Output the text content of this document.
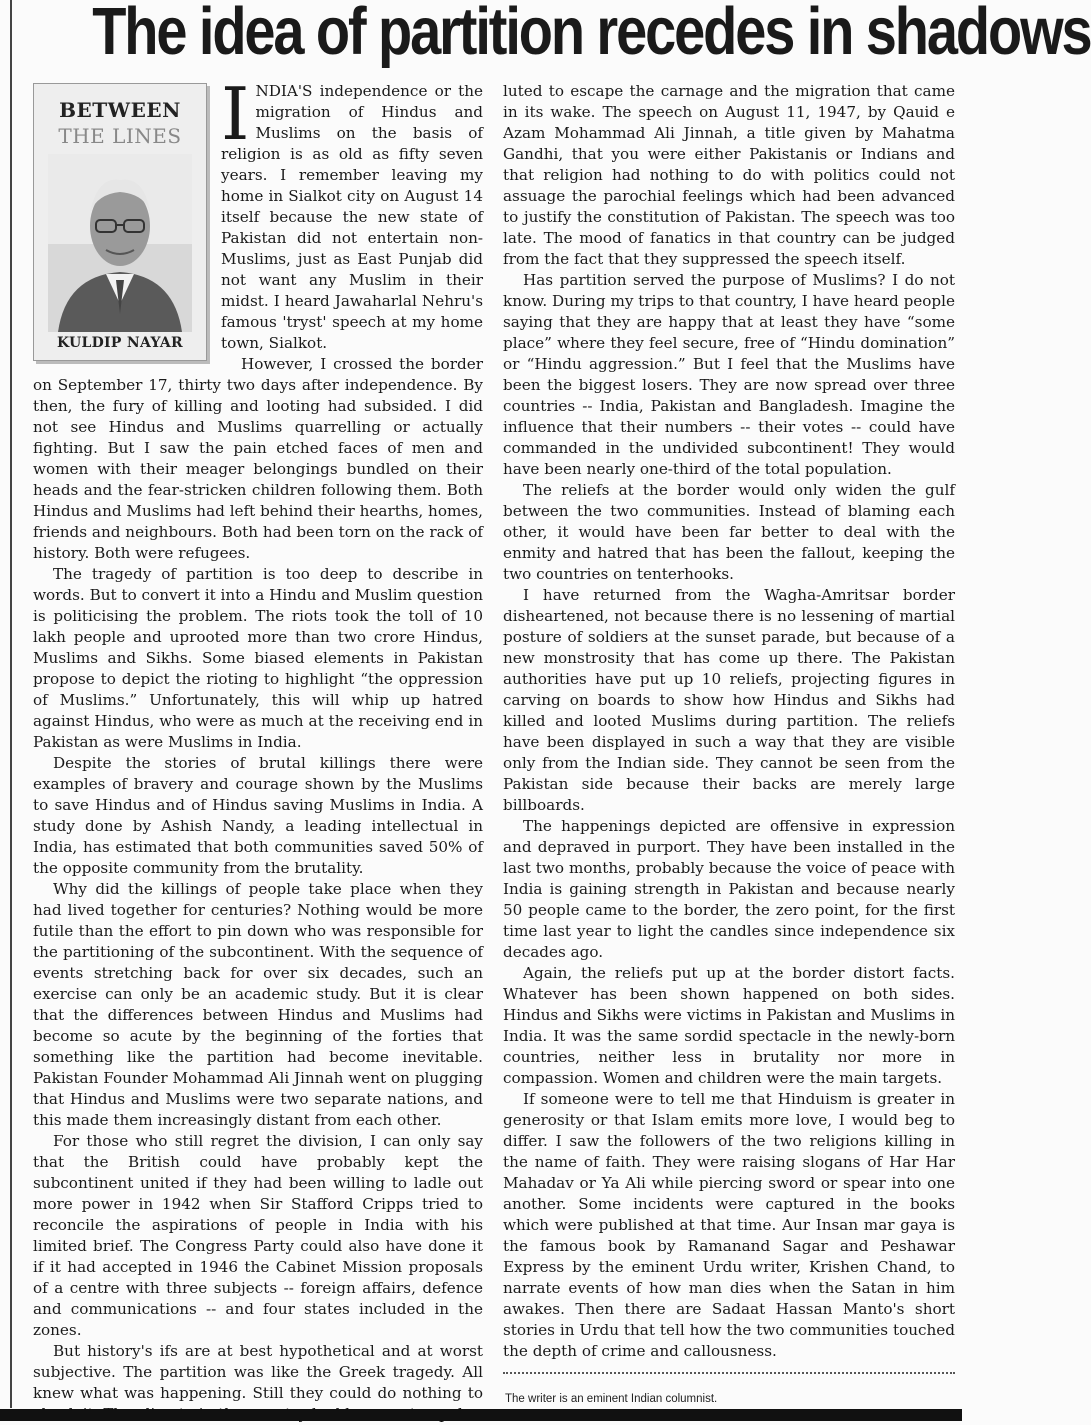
The idea of partition recedes in shadows
BETWEEN
THE LINES
KULDIP NAYAR

INDIA'S independence or the migration of Hindus and Muslims on the basis of religion is as old as fifty seven years. I remember leaving my home in Sialkot city on August 14 itself because the new state of Pakistan did not entertain non-Muslims, just as East Punjab did not want any Muslim in their midst. I heard Jawaharlal Nehru's famous 'tryst' speech at my home town, Sialkot.

However, I crossed the border on September 17, thirty two days after independence. By then, the fury of killing and looting had subsided. I did not see Hindus and Muslims quarrelling or actually fighting. But I saw the pain etched faces of men and women with their meager belongings bundled on their heads and the fear-stricken children following them. Both Hindus and Muslims had left behind their hearths, homes, friends and neighbours. Both had been torn on the rack of history. Both were refugees.

The tragedy of partition is too deep to describe in words. But to convert it into a Hindu and Muslim question is politicising the problem. The riots took the toll of 10 lakh people and uprooted more than two crore Hindus, Muslims and Sikhs. Some biased elements in Pakistan propose to depict the rioting to highlight “the oppression of Muslims.” Unfortunately, this will whip up hatred against Hindus, who were as much at the receiving end in Pakistan as were Muslims in India.

Despite the stories of brutal killings there were examples of bravery and courage shown by the Muslims to save Hindus and of Hindus saving Muslims in India. A study done by Ashish Nandy, a leading intellectual in India, has estimated that both communities saved 50% of the opposite community from the brutality.

Why did the killings of people take place when they had lived together for centuries? Nothing would be more futile than the effort to pin down who was responsible for the partitioning of the subcontinent. With the sequence of events stretching back for over six decades, such an exercise can only be an academic study. But it is clear that the differences between Hindus and Muslims had become so acute by the beginning of the forties that something like the partition had become inevitable. Pakistan Founder Mohammad Ali Jinnah went on plugging that Hindus and Muslims were two separate nations, and this made them increasingly distant from each other.

For those who still regret the division, I can only say that the British could have probably kept the subcontinent united if they had been willing to ladle out more power in 1942 when Sir Stafford Cripps tried to reconcile the aspirations of people in India with his limited brief. The Congress Party could also have done it if it had accepted in 1946 the Cabinet Mission proposals of a centre with three subjects -- foreign affairs, defence and communications -- and four states included in the zones.

But history's ifs are at best hypothetical and at worst subjective. The partition was like the Greek tragedy. All knew what was happening. Still they could do nothing to

luted to escape the carnage and the migration that came in its wake. The speech on August 11, 1947, by Qauid e Azam Mohammad Ali Jinnah, a title given by Mahatma Gandhi, that you were either Pakistanis or Indians and that religion had nothing to do with politics could not assuage the parochial feelings which had been advanced to justify the constitution of Pakistan. The speech was too late. The mood of fanatics in that country can be judged from the fact that they suppressed the speech itself.

Has partition served the purpose of Muslims? I do not know. During my trips to that country, I have heard people saying that they are happy that at least they have “some place” where they feel secure, free of “Hindu domination” or “Hindu aggression.” But I feel that the Muslims have been the biggest losers. They are now spread over three countries -- India, Pakistan and Bangladesh. Imagine the influence that their numbers -- their votes -- could have commanded in the undivided subcontinent! They would have been nearly one-third of the total population.

The reliefs at the border would only widen the gulf between the two communities. Instead of blaming each other, it would have been far better to deal with the enmity and hatred that has been the fallout, keeping the two countries on tenterhooks.

I have returned from the Wagha-Amritsar border disheartened, not because there is no lessening of martial posture of soldiers at the sunset parade, but because of a new monstrosity that has come up there. The Pakistan authorities have put up 10 reliefs, projecting figures in carving on boards to show how Hindus and Sikhs had killed and looted Muslims during partition. The reliefs have been displayed in such a way that they are visible only from the Indian side. They cannot be seen from the Pakistan side because their backs are merely large billboards.

The happenings depicted are offensive in expression and depraved in purport. They have been installed in the last two months, probably because the voice of peace with India is gaining strength in Pakistan and because nearly 50 people came to the border, the zero point, for the first time last year to light the candles since independence six decades ago.

Again, the reliefs put up at the border distort facts. Whatever has been shown happened on both sides. Hindus and Sikhs were victims in Pakistan and Muslims in India. It was the same sordid spectacle in the newly-born countries, neither less in brutality nor more in compassion. Women and children were the main targets.

If someone were to tell me that Hinduism is greater in generosity or that Islam emits more love, I would beg to differ. I saw the followers of the two religions killing in the name of faith. They were raising slogans of Har Har Mahadav or Ya Ali while piercing sword or spear into one another. Some incidents were captured in the books which were published at that time. Aur Insan mar gaya is the famous book by Ramanand Sagar and Peshawar Express by the eminent Urdu writer, Krishen Chand, to narrate events of how man dies when the Satan in him awakes. Then there are Sadaat Hassan Manto's short stories in Urdu that tell how the two communities touched the depth of crime and callousness.

The writer is an eminent Indian columnist.
